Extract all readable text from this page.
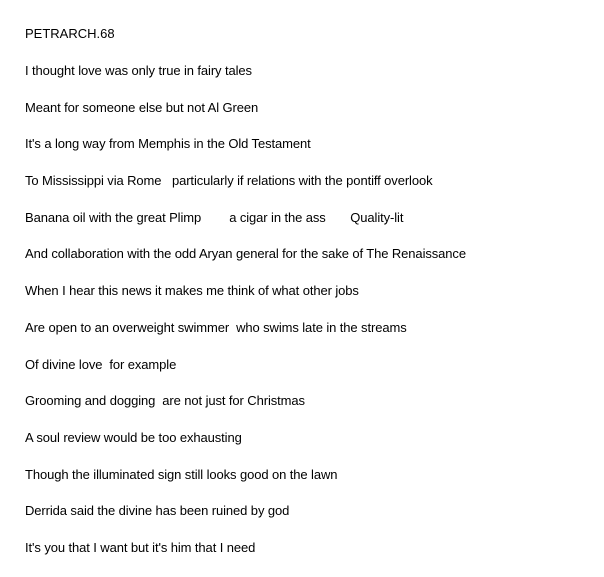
PETRARCH.68
I thought love was only true in fairy tales
Meant for someone else but not Al Green
It's a long way from Memphis in the Old Testament
To Mississippi via Rome   particularly if relations with the pontiff overlook
Banana oil with the great Plimp        a cigar in the ass       Quality-lit
And collaboration with the odd Aryan general for the sake of The Renaissance
When I hear this news it makes me think of what other jobs
Are open to an overweight swimmer  who swims late in the streams
Of divine love  for example
Grooming and dogging  are not just for Christmas
A soul review would be too exhausting
Though the illuminated sign still looks good on the lawn
Derrida said the divine has been ruined by god
It's you that I want but it's him that I need
